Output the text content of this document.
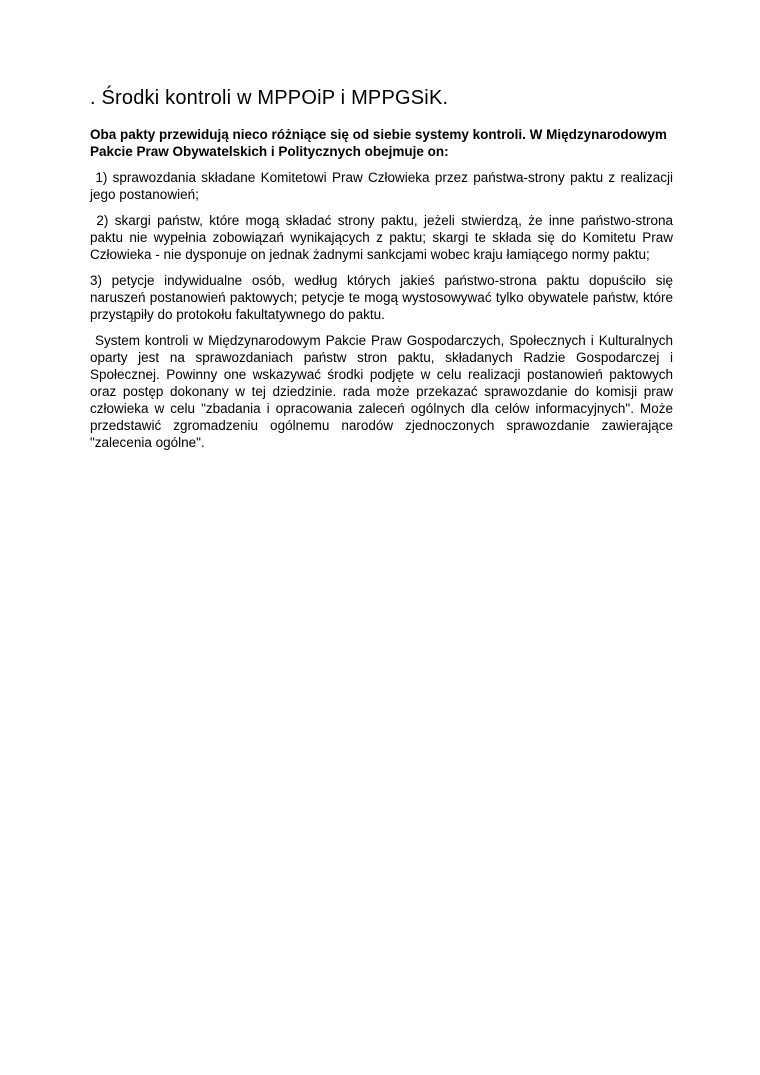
. Środki kontroli w MPPOiP i MPPGSiK.

Oba pakty przewidują nieco różniące się od siebie systemy kontroli. W Międzynarodowym Pakcie Praw Obywatelskich i Politycznych obejmuje on:

1) sprawozdania składane Komitetowi Praw Człowieka przez państwa-strony paktu z realizacji jego postanowień;

2) skargi państw, które mogą składać strony paktu, jeżeli stwierdzą, że inne państwo-strona paktu nie wypełnia zobowiązań wynikających z paktu; skargi te składa się do Komitetu Praw Człowieka - nie dysponuje on jednak żadnymi sankcjami wobec kraju łamiącego normy paktu;

3) petycje indywidualne osób, według których jakieś państwo-strona paktu dopuściło się naruszeń postanowień paktowych; petycje te mogą wystosowywać tylko obywatele państw, które przystąpiły do protokołu fakultatywnego do paktu.

System kontroli w Międzynarodowym Pakcie Praw Gospodarczych, Społecznych i Kulturalnych oparty jest na sprawozdaniach państw stron paktu, składanych Radzie Gospodarczej i Społecznej. Powinny one wskazywać środki podjęte w celu realizacji postanowień paktowych oraz postęp dokonany w tej dziedzinie. rada może przekazać sprawozdanie do komisji praw człowieka w celu "zbadania i opracowania zaleceń ogólnych dla celów informacyjnych". Może przedstawić zgromadzeniu ogólnemu narodów zjednoczonych sprawozdanie zawierające "zalecenia ogólne".
